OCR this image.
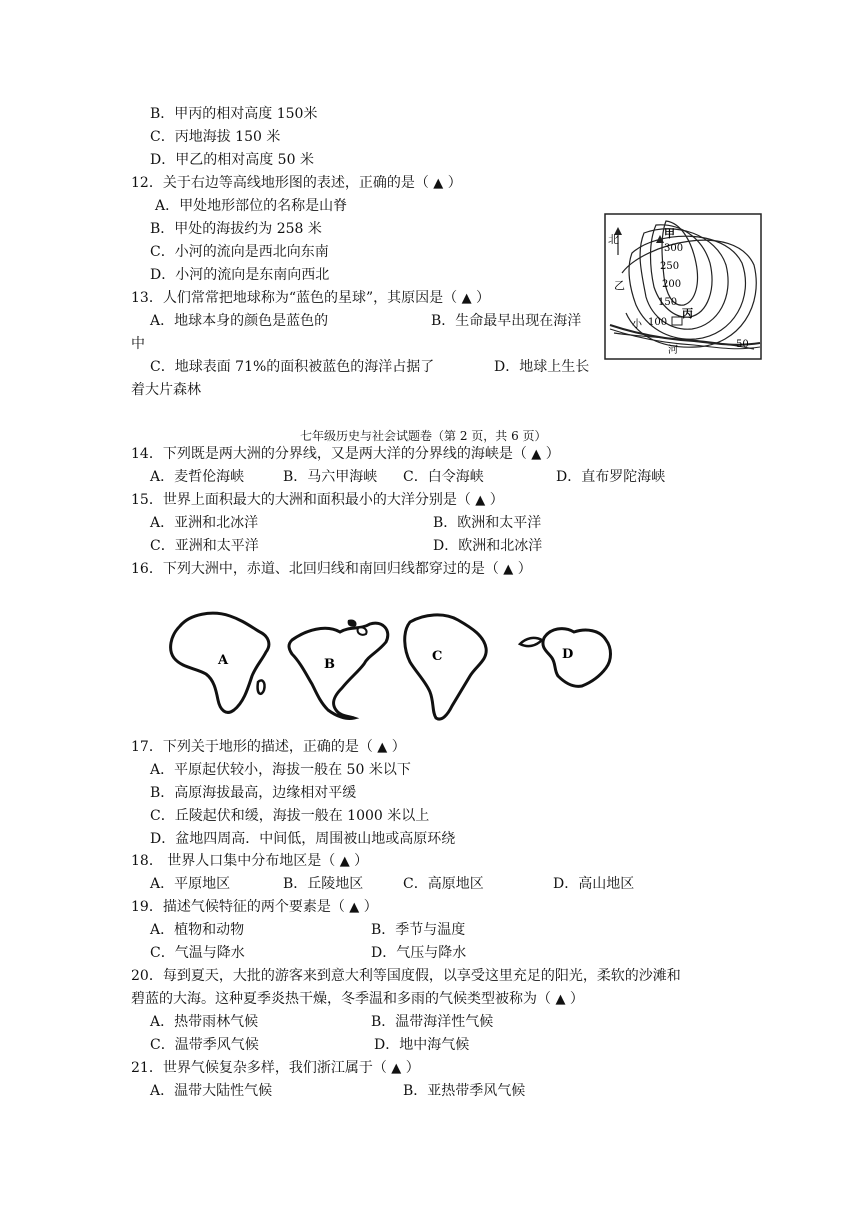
B．甲丙的相对高度 150米
C．丙地海拔 150 米
D．甲乙的相对高度 50 米
12．关于右边等高线地形图的表述，正确的是（ ▲ ）
A．甲处地形部位的名称是山脊
B．甲处的海拔约为 258 米
C．小河的流向是西北向东南
D．小河的流向是东南向西北
北	甲
乙
丙
小
河
300
250
200
150
100
50
13．人们常常把地球称为“蓝色的星球”，其原因是（ ▲ ）
A．地球本身的颜色是蓝色的	B．生命最早出现在海洋
中
C．地球表面 71%的面积被蓝色的海洋占据了	D．地球上生长
着大片森林
七年级历史与社会试题卷（第 2 页，共 6 页）
14．下列既是两大洲的分界线，又是两大洋的分界线的海峡是（ ▲ ）
A．麦哲伦海峡	B．马六甲海峡 C．白令海峡	D．直布罗陀海峡
15．世界上面积最大的大洲和面积最小的大洋分别是（ ▲ ）
A．亚洲和北冰洋	B．欧洲和太平洋
C．亚洲和太平洋	D．欧洲和北冰洋
16．下列大洲中，赤道、北回归线和南回归线都穿过的是（ ▲ ）
A	B
C	D
17．下列关于地形的描述，正确的是（ ▲ ）
A．平原起伏较小，海拔一般在 50 米以下
B．高原海拔最高，边缘相对平缓
C．丘陵起伏和缓，海拔一般在 1000 米以上
D．盆地四周高．中间低，周围被山地或高原环绕
18． 世界人口集中分布地区是（ ▲ ）
A．平原地区	B．丘陵地区	C．高原地区	D．高山地区
19．描述气候特征的两个要素是（ ▲ ）
A．植物和动物	B．季节与温度
C．气温与降水	D．气压与降水
20．每到夏天，大批的游客来到意大利等国度假，以享受这里充足的阳光，柔软的沙滩和
碧蓝的大海。这种夏季炎热干燥，冬季温和多雨的气候类型被称为（ ▲ ）
A．热带雨林气候	B．温带海洋性气候
C．温带季风气候	D．地中海气候
21．世界气候复杂多样，我们浙江属于（ ▲ ）
A．温带大陆性气候	B．亚热带季风气候
